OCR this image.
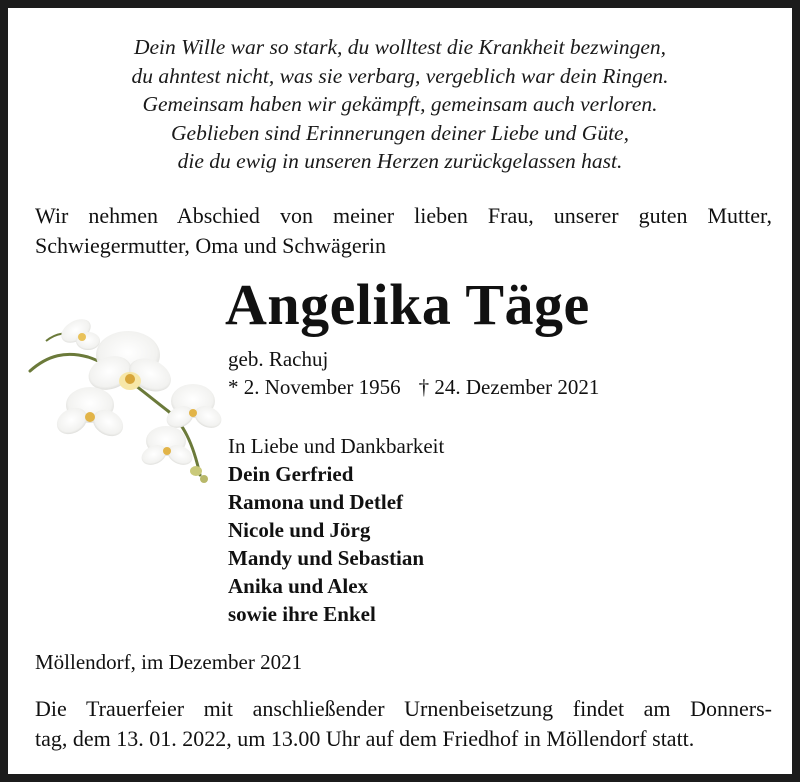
Dein Wille war so stark, du wolltest die Krankheit bezwingen,
du ahntest nicht, was sie verbarg, vergeblich war dein Ringen.
Gemeinsam haben wir gekämpft, gemeinsam auch verloren.
Geblieben sind Erinnerungen deiner Liebe und Güte,
die du ewig in unseren Herzen zurückgelassen hast.
Wir nehmen Abschied von meiner lieben Frau, unserer guten Mutter,
Schwiegermutter, Oma und Schwägerin
Angelika Täge
geb. Rachuj
* 2. November 1956 † 24. Dezember 2021
In Liebe und Dankbarkeit
Dein Gerfried
Ramona und Detlef
Nicole und Jörg
Mandy und Sebastian
Anika und Alex
sowie ihre Enkel
Möllendorf, im Dezember 2021
Die Trauerfeier mit anschließender Urnenbeisetzung findet am Donners-
tag, dem 13. 01. 2022, um 13.00 Uhr auf dem Friedhof in Möllendorf statt.
